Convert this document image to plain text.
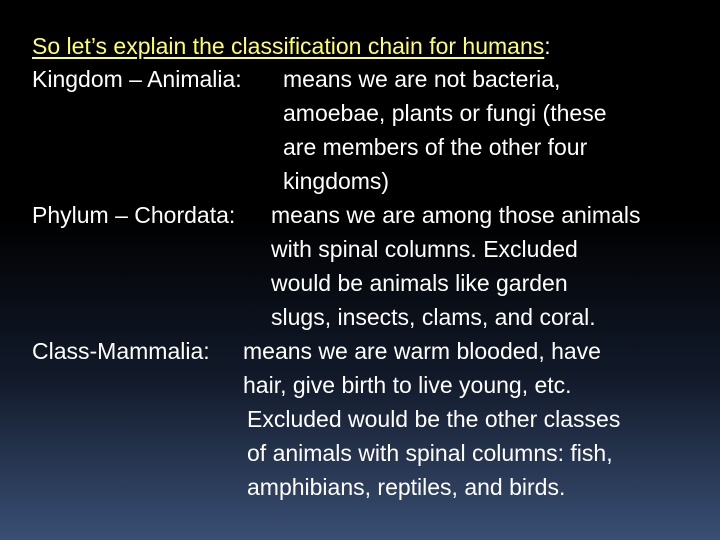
So let’s explain the classification chain for humans:
Kingdom – Animalia: means we are not bacteria,
amoebae, plants or fungi (these
are members of the other four
kingdoms)
Phylum – Chordata: means we are among those animals
with spinal columns. Excluded
would be animals like garden
slugs, insects, clams, and coral.
Class-Mammalia: means we are warm blooded, have
hair, give birth to live young, etc.
Excluded would be the other classes
of animals with spinal columns: fish,
amphibians, reptiles, and birds.
